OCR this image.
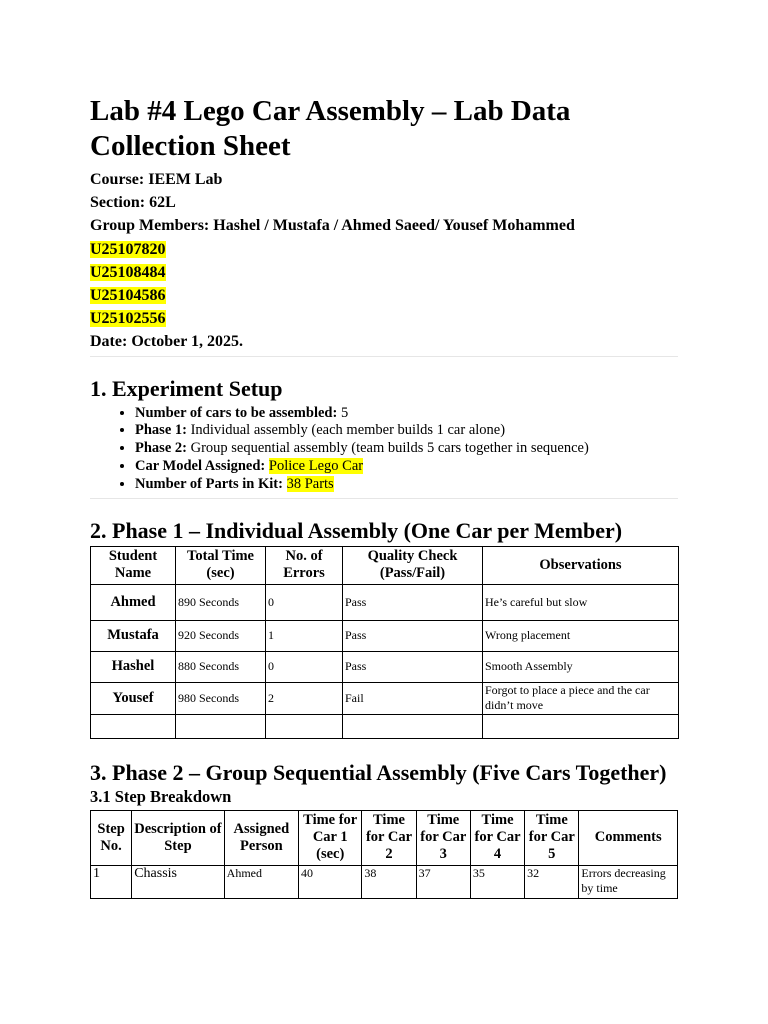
Lab #4 Lego Car Assembly – Lab Data Collection Sheet
Course: IEEM Lab
Section: 62L
Group Members: Hashel / Mustafa / Ahmed Saeed/ Yousef Mohammed
U25107820
U25108484
U25104586
U25102556
Date: October 1, 2025.
1. Experiment Setup
• Number of cars to be assembled: 5
• Phase 1: Individual assembly (each member builds 1 car alone)
• Phase 2: Group sequential assembly (team builds 5 cars together in sequence)
• Car Model Assigned: Police Lego Car
• Number of Parts in Kit: 38 Parts
2. Phase 1 – Individual Assembly (One Car per Member)
Student Name	Total Time (sec)	No. of Errors	Quality Check (Pass/Fail)	Observations
Ahmed	890 Seconds	0	Pass	He’s careful but slow
Mustafa	920 Seconds	1	Pass	Wrong placement
Hashel	880 Seconds	0	Pass	Smooth Assembly
Yousef	980 Seconds	2	Fail	Forgot to place a piece and the car didn’t move

3. Phase 2 – Group Sequential Assembly (Five Cars Together)
3.1 Step Breakdown
Step No.	Description of Step	Assigned Person	Time for Car 1 (sec)	Time for Car 2	Time for Car 3	Time for Car 4	Time for Car 5	Comments
1	Chassis	Ahmed	40	38	37	35	32	Errors decreasing by time
